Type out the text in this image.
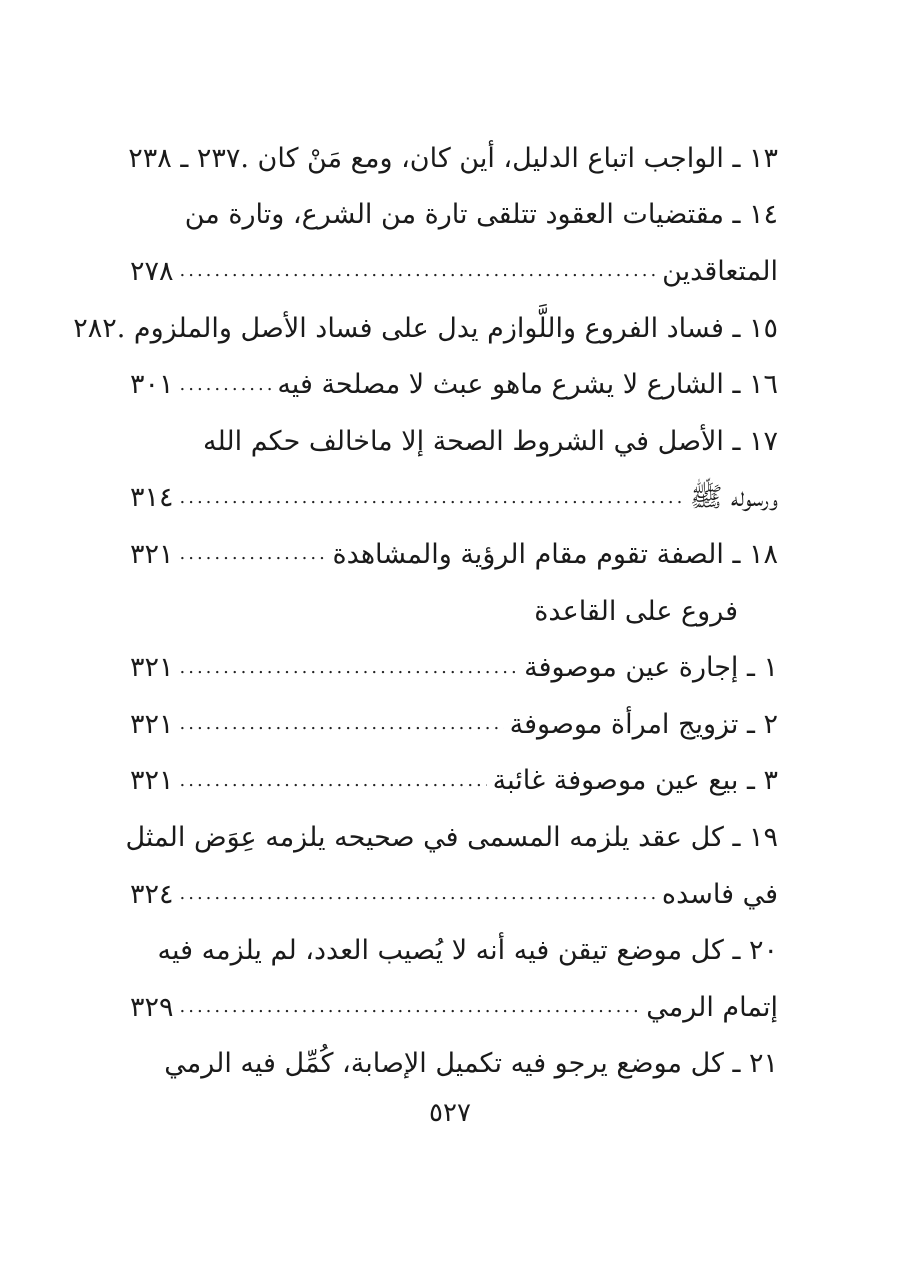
١٣ ـ الواجب اتباع الدليل، أين كان، ومع مَنْ كان .
٢٣٧ ـ ٢٣٨
١٤ ـ مقتضيات العقود تتلقى تارة من الشرع، وتارة من
المتعاقدين
.....
٢٧٨
١٥ ـ فساد الفروع واللَّوازم يدل على فساد الأصل والملزوم .
٢٨٢
١٦ ـ الشارع لا يشرع ماهو عبث لا مصلحة فيه
.....
٣٠١
١٧ ـ الأصل في الشروط الصحة إلا ماخالف حكم الله
ورسوله ﷺ
.....
٣١٤
١٨ ـ الصفة تقوم مقام الرؤية والمشاهدة
.....
٣٢١
فروع على القاعدة
١ ـ إجارة عين موصوفة
.....
٣٢١
٢ ـ تزويج امرأة موصوفة
.....
٣٢١
٣ ـ بيع عين موصوفة غائبة
.....
٣٢١
١٩ ـ كل عقد يلزمه المسمى في صحيحه يلزمه عِوَض المثل
في فاسده
.....
٣٢٤
٢٠ ـ كل موضع تيقن فيه أنه لا يُصيب العدد، لم يلزمه فيه
إتمام الرمي
.....
٣٢٩
٢١ ـ كل موضع يرجو فيه تكميل الإصابة، كُمِّل فيه الرمي
٥٢٧
